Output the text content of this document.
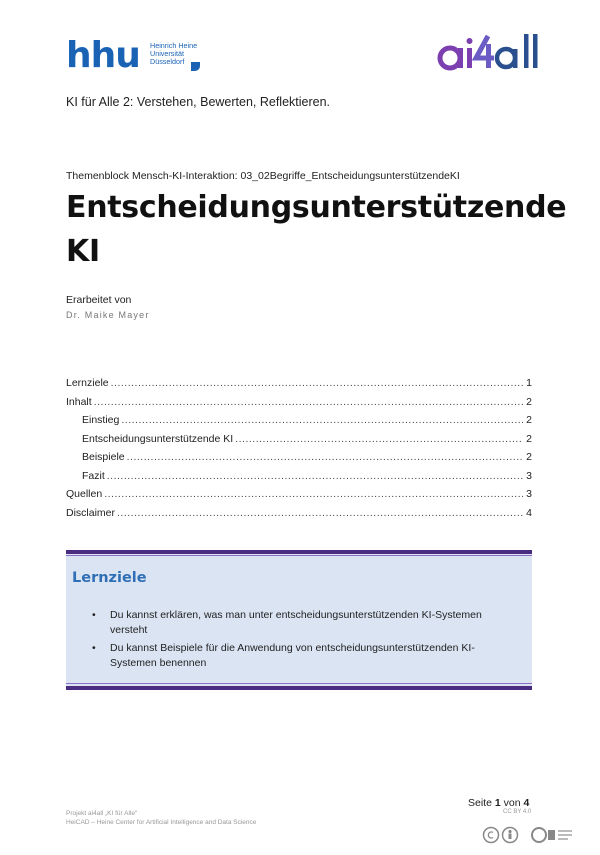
hhu Heinrich Heine
Universität
Düsseldorf
KI für Alle 2: Verstehen, Bewerten, Reflektieren.
Themenblock Mensch-KI-Interaktion: 03_02Begriffe_EntscheidungsunterstützendeKI
Entscheidungsunterstützende KI
Erarbeitet von
Dr. Maike Mayer
Lernziele .....	1
Inhalt .....	2
Einstieg .....	2
Entscheidungsunterstützende KI .....	2
Beispiele .....	2
Fazit .....	3
Quellen .....	3
Disclaimer .....	4
Lernziele
• Du kannst erklären, was man unter entscheidungsunterstützenden KI-Systemen versteht
• Du kannst Beispiele für die Anwendung von entscheidungsunterstützenden KI-Systemen benennen
Seite 1 von 4
Projekt ai4all „KI für Alle“
HeiCAD – Heine Center for Artificial Intelligence and Data Science
CC BY 4.0
